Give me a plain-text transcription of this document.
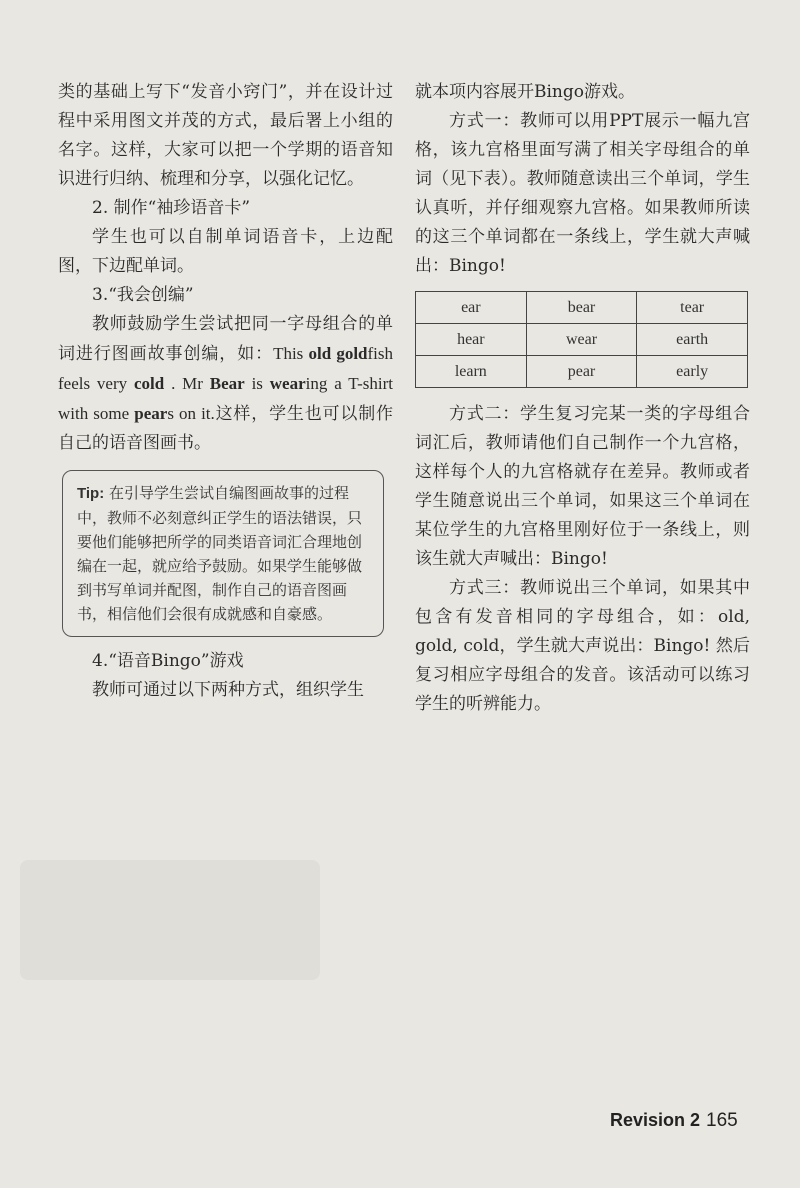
类的基础上写下“发音小窍门”，并在设计过程中采用图文并茂的方式，最后署上小组的名字。这样，大家可以把一个学期的语音知识进行归纳、梳理和分享，以强化记忆。

2. 制作“袖珍语音卡”

学生也可以自制单词语音卡，上边配图，下边配单词。

3.“我会创编”

教师鼓励学生尝试把同一字母组合的单词进行图画故事创编，如：This old goldfish feels very cold . Mr Bear is wearing a T-shirt with some pears on it.这样，学生也可以制作自己的语音图画书。

Tip: 在引导学生尝试自编图画故事的过程中，教师不必刻意纠正学生的语法错误，只要他们能够把所学的同类语音词汇合理地创编在一起，就应给予鼓励。如果学生能够做到书写单词并配图，制作自己的语音图画书，相信他们会很有成就感和自豪感。

4.“语音Bingo”游戏

教师可通过以下两种方式，组织学生

就本项内容展开Bingo游戏。

方式一：教师可以用PPT展示一幅九宫格，该九宫格里面写满了相关字母组合的单词（见下表）。教师随意读出三个单词，学生认真听，并仔细观察九宫格。如果教师所读的这三个单词都在一条线上，学生就大声喊出：Bingo!

ear	bear	tear
hear	wear	earth
learn	pear	early

方式二：学生复习完某一类的字母组合词汇后，教师请他们自己制作一个九宫格，这样每个人的九宫格就存在差异。教师或者学生随意说出三个单词，如果这三个单词在某位学生的九宫格里刚好位于一条线上，则该生就大声喊出：Bingo!

方式三：教师说出三个单词，如果其中包含有发音相同的字母组合，如：old, gold, cold，学生就大声说出：Bingo! 然后复习相应字母组合的发音。该活动可以练习学生的听辨能力。

Revision 2 165
